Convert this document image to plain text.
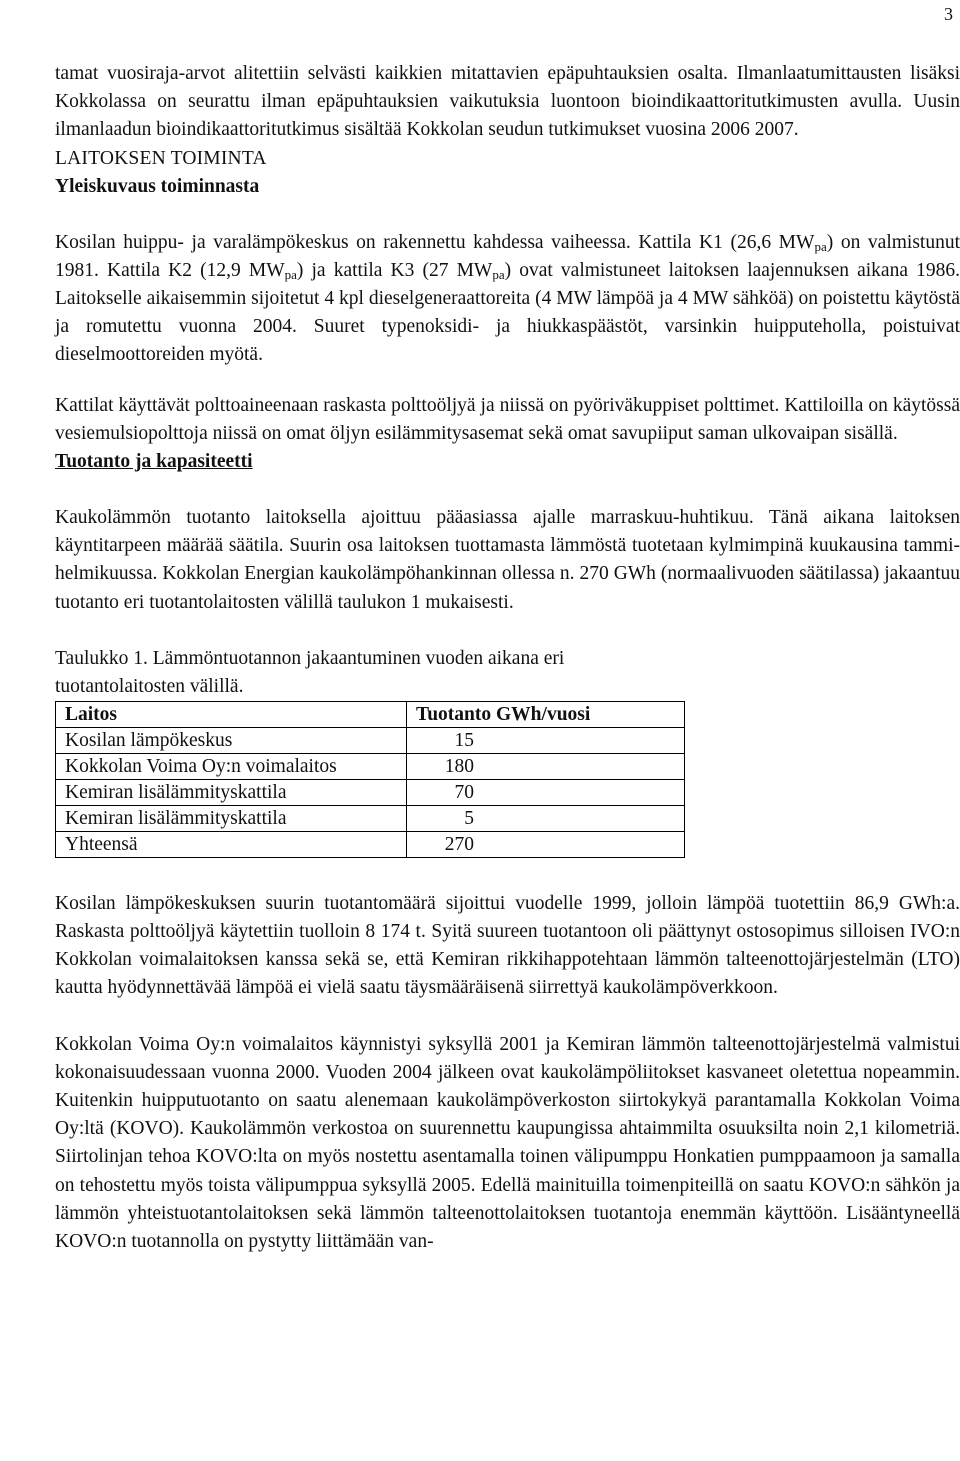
3

tamat vuosiraja-arvot alitettiin selvästi kaikkien mitattavien epäpuhtauksien osalta. Ilmanlaatumittausten lisäksi Kokkolassa on seurattu ilman epäpuhtauksien vaikutuksia luontoon bioindikaattoritutkimusten avulla. Uusin ilmanlaadun bioindikaattoritutkimus sisältää Kokkolan seudun tutkimukset vuosina 2006 2007.

LAITOKSEN TOIMINTA
Yleiskuvaus toiminnasta

Kosilan huippu- ja varalämpökeskus on rakennettu kahdessa vaiheessa. Kattila K1 (26,6 $MW_{pa}$) on valmistunut 1981. Kattila K2 (12,9 $MW_{pa}$) ja kattila K3 (27 $MW_{pa}$) ovat valmistuneet laitoksen laajennuksen aikana 1986. Laitokselle aikaisemmin sijoitetut 4 kpl dieselgeneraattoreita (4 MW lämpöä ja 4 MW sähköä) on poistettu käytöstä ja romutettu vuonna 2004. Suuret typenoksidi- ja hiukkaspäästöt, varsinkin huipputeholla, poistuivat dieselmoottoreiden myötä.

Kattilat käyttävät polttoaineenaan raskasta polttoöljyä ja niissä on pyöriväkuppiset polttimet. Kattiloilla on käytössä vesiemulsiopolttoja niissä on omat öljyn esilämmitysasemat sekä omat savupiiput saman ulkovaipan sisällä.

Tuotanto ja kapasiteetti

Kaukolämmön tuotanto laitoksella ajoittuu pääasiassa ajalle marraskuu-huhtikuu. Tänä aikana laitoksen käyntitarpeen määrää säätila. Suurin osa laitoksen tuottamasta lämmöstä tuotetaan kylmimpinä kuukausina tammi-helmikuussa. Kokkolan Energian kaukolämpöhankinnan ollessa n. 270 GWh (normaalivuoden säätilassa) jakaantuu tuotanto eri tuotantolaitosten välillä taulukon 1 mukaisesti.

Taulukko 1. Lämmöntuotannon jakaantuminen vuoden aikana eri tuotantolaitosten välillä.

Laitos	Tuotanto GWh/vuosi
Kosilan lämpökeskus	15
Kokkolan Voima Oy:n voimalaitos	180
Kemiran lisälämmityskattila	70
Kemiran lisälämmityskattila	5
Yhteensä	270

Kosilan lämpökeskuksen suurin tuotantomäärä sijoittui vuodelle 1999, jolloin lämpöä tuotettiin 86,9 GWh:a. Raskasta polttoöljyä käytettiin tuolloin 8 174 t. Syitä suureen tuotantoon oli päättynyt ostosopimus silloisen IVO:n Kokkolan voimalaitoksen kanssa sekä se, että Kemiran rikkihappotehtaan lämmön talteenottojärjestelmän (LTO) kautta hyödynnettävää lämpöä ei vielä saatu täysmääräisenä siirrettyä kaukolämpöverkkoon.

Kokkolan Voima Oy:n voimalaitos käynnistyi syksyllä 2001 ja Kemiran lämmön talteenottojärjestelmä valmistui kokonaisuudessaan vuonna 2000. Vuoden 2004 jälkeen ovat kaukolämpöliitokset kasvaneet oletettua nopeammin. Kuitenkin huipputuotanto on saatu alenemaan kaukolämpöverkoston siirtokykyä parantamalla Kokkolan Voima Oy:ltä (KOVO). Kaukolämmön verkostoa on suurennettu kaupungissa ahtaimmilta osuuksilta noin 2,1 kilometriä. Siirtolinjan tehoa KOVO:lta on myös nostettu asentamalla toinen välipumppu Honkatien pumppaamoon ja samalla on tehostettu myös toista välipumppua syksyllä 2005. Edellä mainituilla toimenpiteillä on saatu KOVO:n sähkön ja lämmön yhteistuotantolaitoksen sekä lämmön talteenottolaitoksen tuotantoja enemmän käyttöön. Lisääntyneellä KOVO:n tuotannolla on pystytty liittämään van-
